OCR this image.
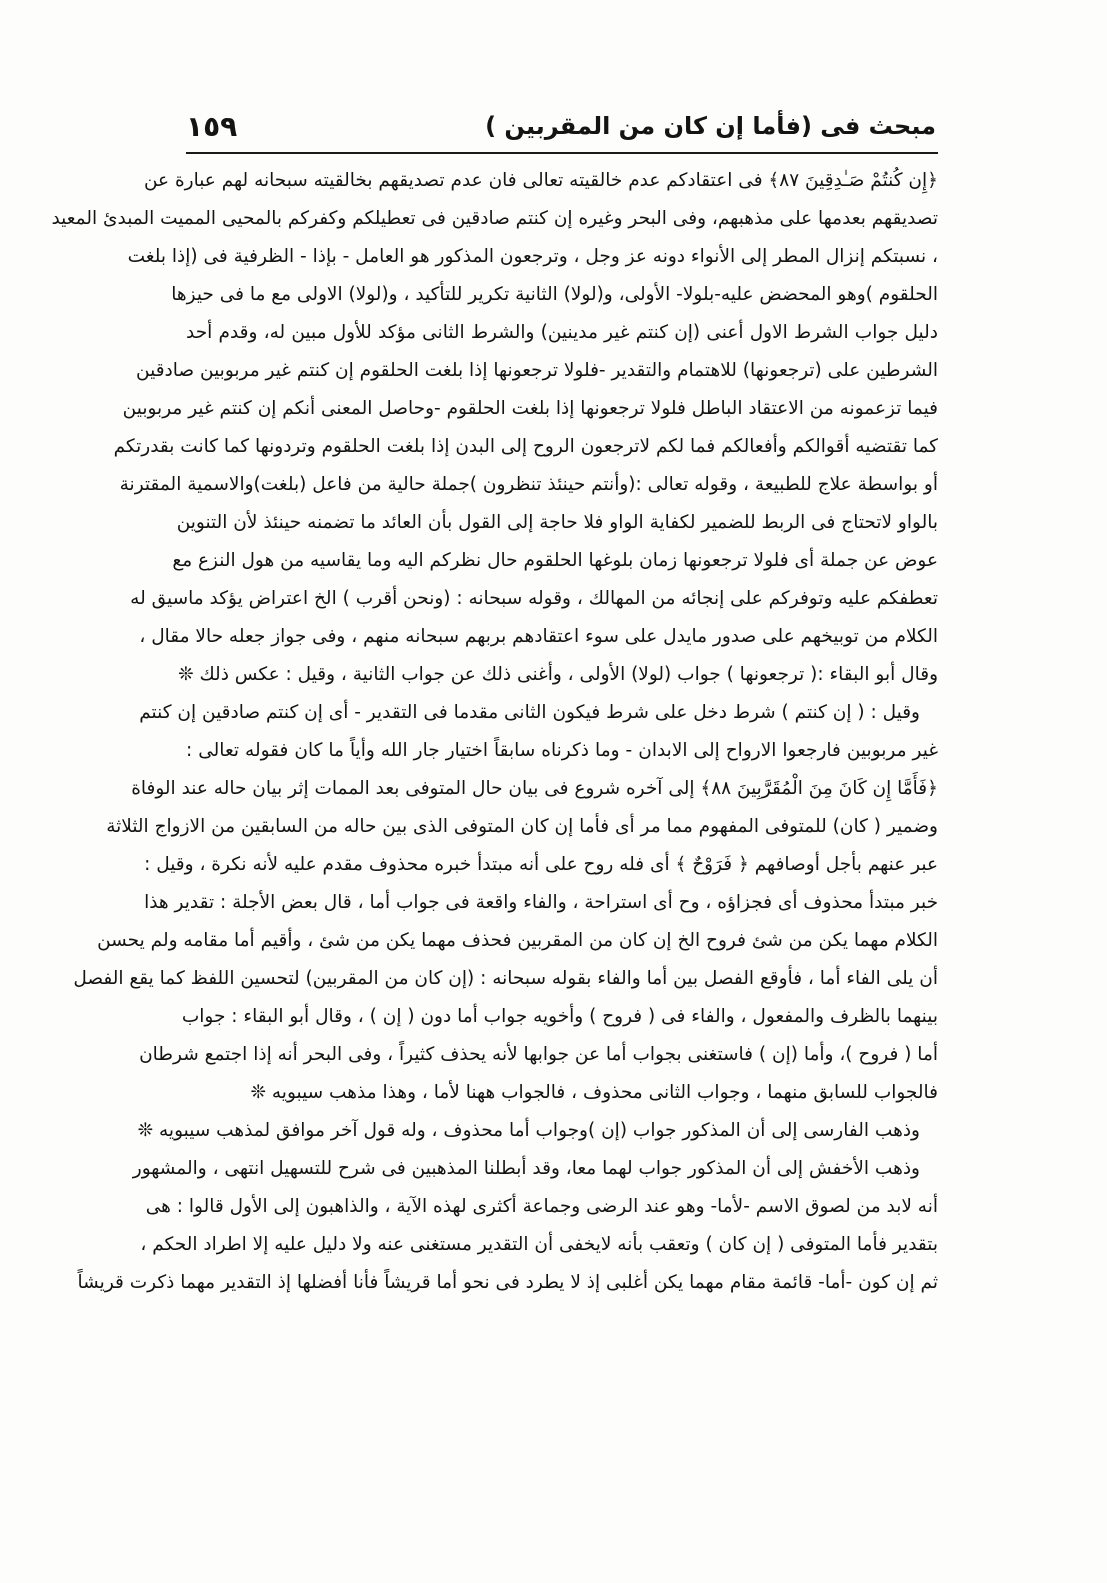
مبحث فى (فأما إن كان من المقربين )
١٥٩
﴿إِن كُنتُمْ صَـٰدِقِينَ ٨٧﴾ فى اعتقادكم عدم خالقيته تعالى فان عدم تصديقهم بخالقيته سبحانه لهم عبارة عن
تصديقهم بعدمها على مذهبهم، وفى البحر وغيره إن كنتم صادقين فى تعطيلكم وكفركم بالمحيى المميت المبدئ المعيد
، نسبتكم إنزال المطر إلى الأنواء دونه عز وجل ، وترجعون المذكور هو العامل - بإذا - الظرفية فى (إذا بلغت
الحلقوم )وهو المحضض عليه-بلولا- الأولى، و(لولا) الثانية تكرير للتأكيد ، و(لولا) الاولى مع ما فى حيزها
دليل جواب الشرط الاول أعنى (إن كنتم غير مدينين) والشرط الثانى مؤكد للأول مبين له، وقدم أحد
الشرطين على (ترجعونها) للاهتمام والتقدير -فلولا ترجعونها إذا بلغت الحلقوم إن كنتم غير مربوبين صادقين
فيما تزعمونه من الاعتقاد الباطل فلولا ترجعونها إذا بلغت الحلقوم -وحاصل المعنى أنكم إن كنتم غير مربوبين
كما تقتضيه أقوالكم وأفعالكم فما لكم لاترجعون الروح إلى البدن إذا بلغت الحلقوم وتردونها كما كانت بقدرتكم
أو بواسطة علاج للطبيعة ، وقوله تعالى :(وأنتم حينئذ تنظرون )جملة حالية من فاعل (بلغت)والاسمية المقترنة
بالواو لاتحتاج فى الربط للضمير لكفاية الواو فلا حاجة إلى القول بأن العائد ما تضمنه حينئذ لأن التنوين
عوض عن جملة أى فلولا ترجعونها زمان بلوغها الحلقوم حال نظركم اليه وما يقاسيه من هول النزع مع
تعطفكم عليه وتوفركم على إنجائه من المهالك ، وقوله سبحانه : (ونحن أقرب ) الخ اعتراض يؤكد ماسيق له
الكلام من توبيخهم على صدور مايدل على سوء اعتقادهم بربهم سبحانه منهم ، وفى جواز جعله حالا مقال ،
وقال أبو البقاء :( ترجعونها ) جواب (لولا) الأولى ، وأغنى ذلك عن جواب الثانية ، وقيل : عكس ذلك ❊
وقيل : ( إن كنتم ) شرط دخل على شرط فيكون الثانى مقدما فى التقدير - أى إن كنتم صادقين إن كنتم
غير مربوبين فارجعوا الارواح إلى الابدان - وما ذكرناه سابقاً اختيار جار الله وأياً ما كان فقوله تعالى :
﴿فَأَمَّا إِن كَانَ مِنَ الْمُقَرَّبِينَ ٨٨﴾ إلى آخره شروع فى بيان حال المتوفى بعد الممات إثر بيان حاله عند الوفاة
وضمير ( كان) للمتوفى المفهوم مما مر أى فأما إن كان المتوفى الذى بين حاله من السابقين من الازواج الثلاثة
عبر عنهم بأجل أوصافهم ﴿ فَرَوْحٌ ﴾ أى فله روح على أنه مبتدأ خبره محذوف مقدم عليه لأنه نكرة ، وقيل :
خبر مبتدأ محذوف أى فجزاؤه ، وح أى استراحة ، والفاء واقعة فى جواب أما ، قال بعض الأجلة : تقدير هذا
الكلام مهما يكن من شئ فروح الخ إن كان من المقربين فحذف مهما يكن من شئ ، وأقيم أما مقامه ولم يحسن
أن يلى الفاء أما ، فأوقع الفصل بين أما والفاء بقوله سبحانه : (إن كان من المقربين) لتحسين اللفظ كما يقع الفصل
بينهما بالظرف والمفعول ، والفاء فى ( فروح ) وأخويه جواب أما دون ( إن ) ، وقال أبو البقاء : جواب
أما ( فروح )، وأما (إن ) فاستغنى بجواب أما عن جوابها لأنه يحذف كثيراً ، وفى البحر أنه إذا اجتمع شرطان
فالجواب للسابق منهما ، وجواب الثانى محذوف ، فالجواب ههنا لأما ، وهذا مذهب سيبويه ❊
وذهب الفارسى إلى أن المذكور جواب (إن )وجواب أما محذوف ، وله قول آخر موافق لمذهب سيبويه ❊
وذهب الأخفش إلى أن المذكور جواب لهما معا، وقد أبطلنا المذهبين فى شرح للتسهيل انتهى ، والمشهور
أنه لابد من لصوق الاسم -لأما- وهو عند الرضى وجماعة أكثرى لهذه الآية ، والذاهبون إلى الأول قالوا : هى
بتقدير فأما المتوفى ( إن كان ) وتعقب بأنه لايخفى أن التقدير مستغنى عنه ولا دليل عليه إلا اطراد الحكم ،
ثم إن كون -أما- قائمة مقام مهما يكن أغلبى إذ لا يطرد فى نحو أما قريشاً فأنا أفضلها إذ التقدير مهما ذكرت قريشاً
